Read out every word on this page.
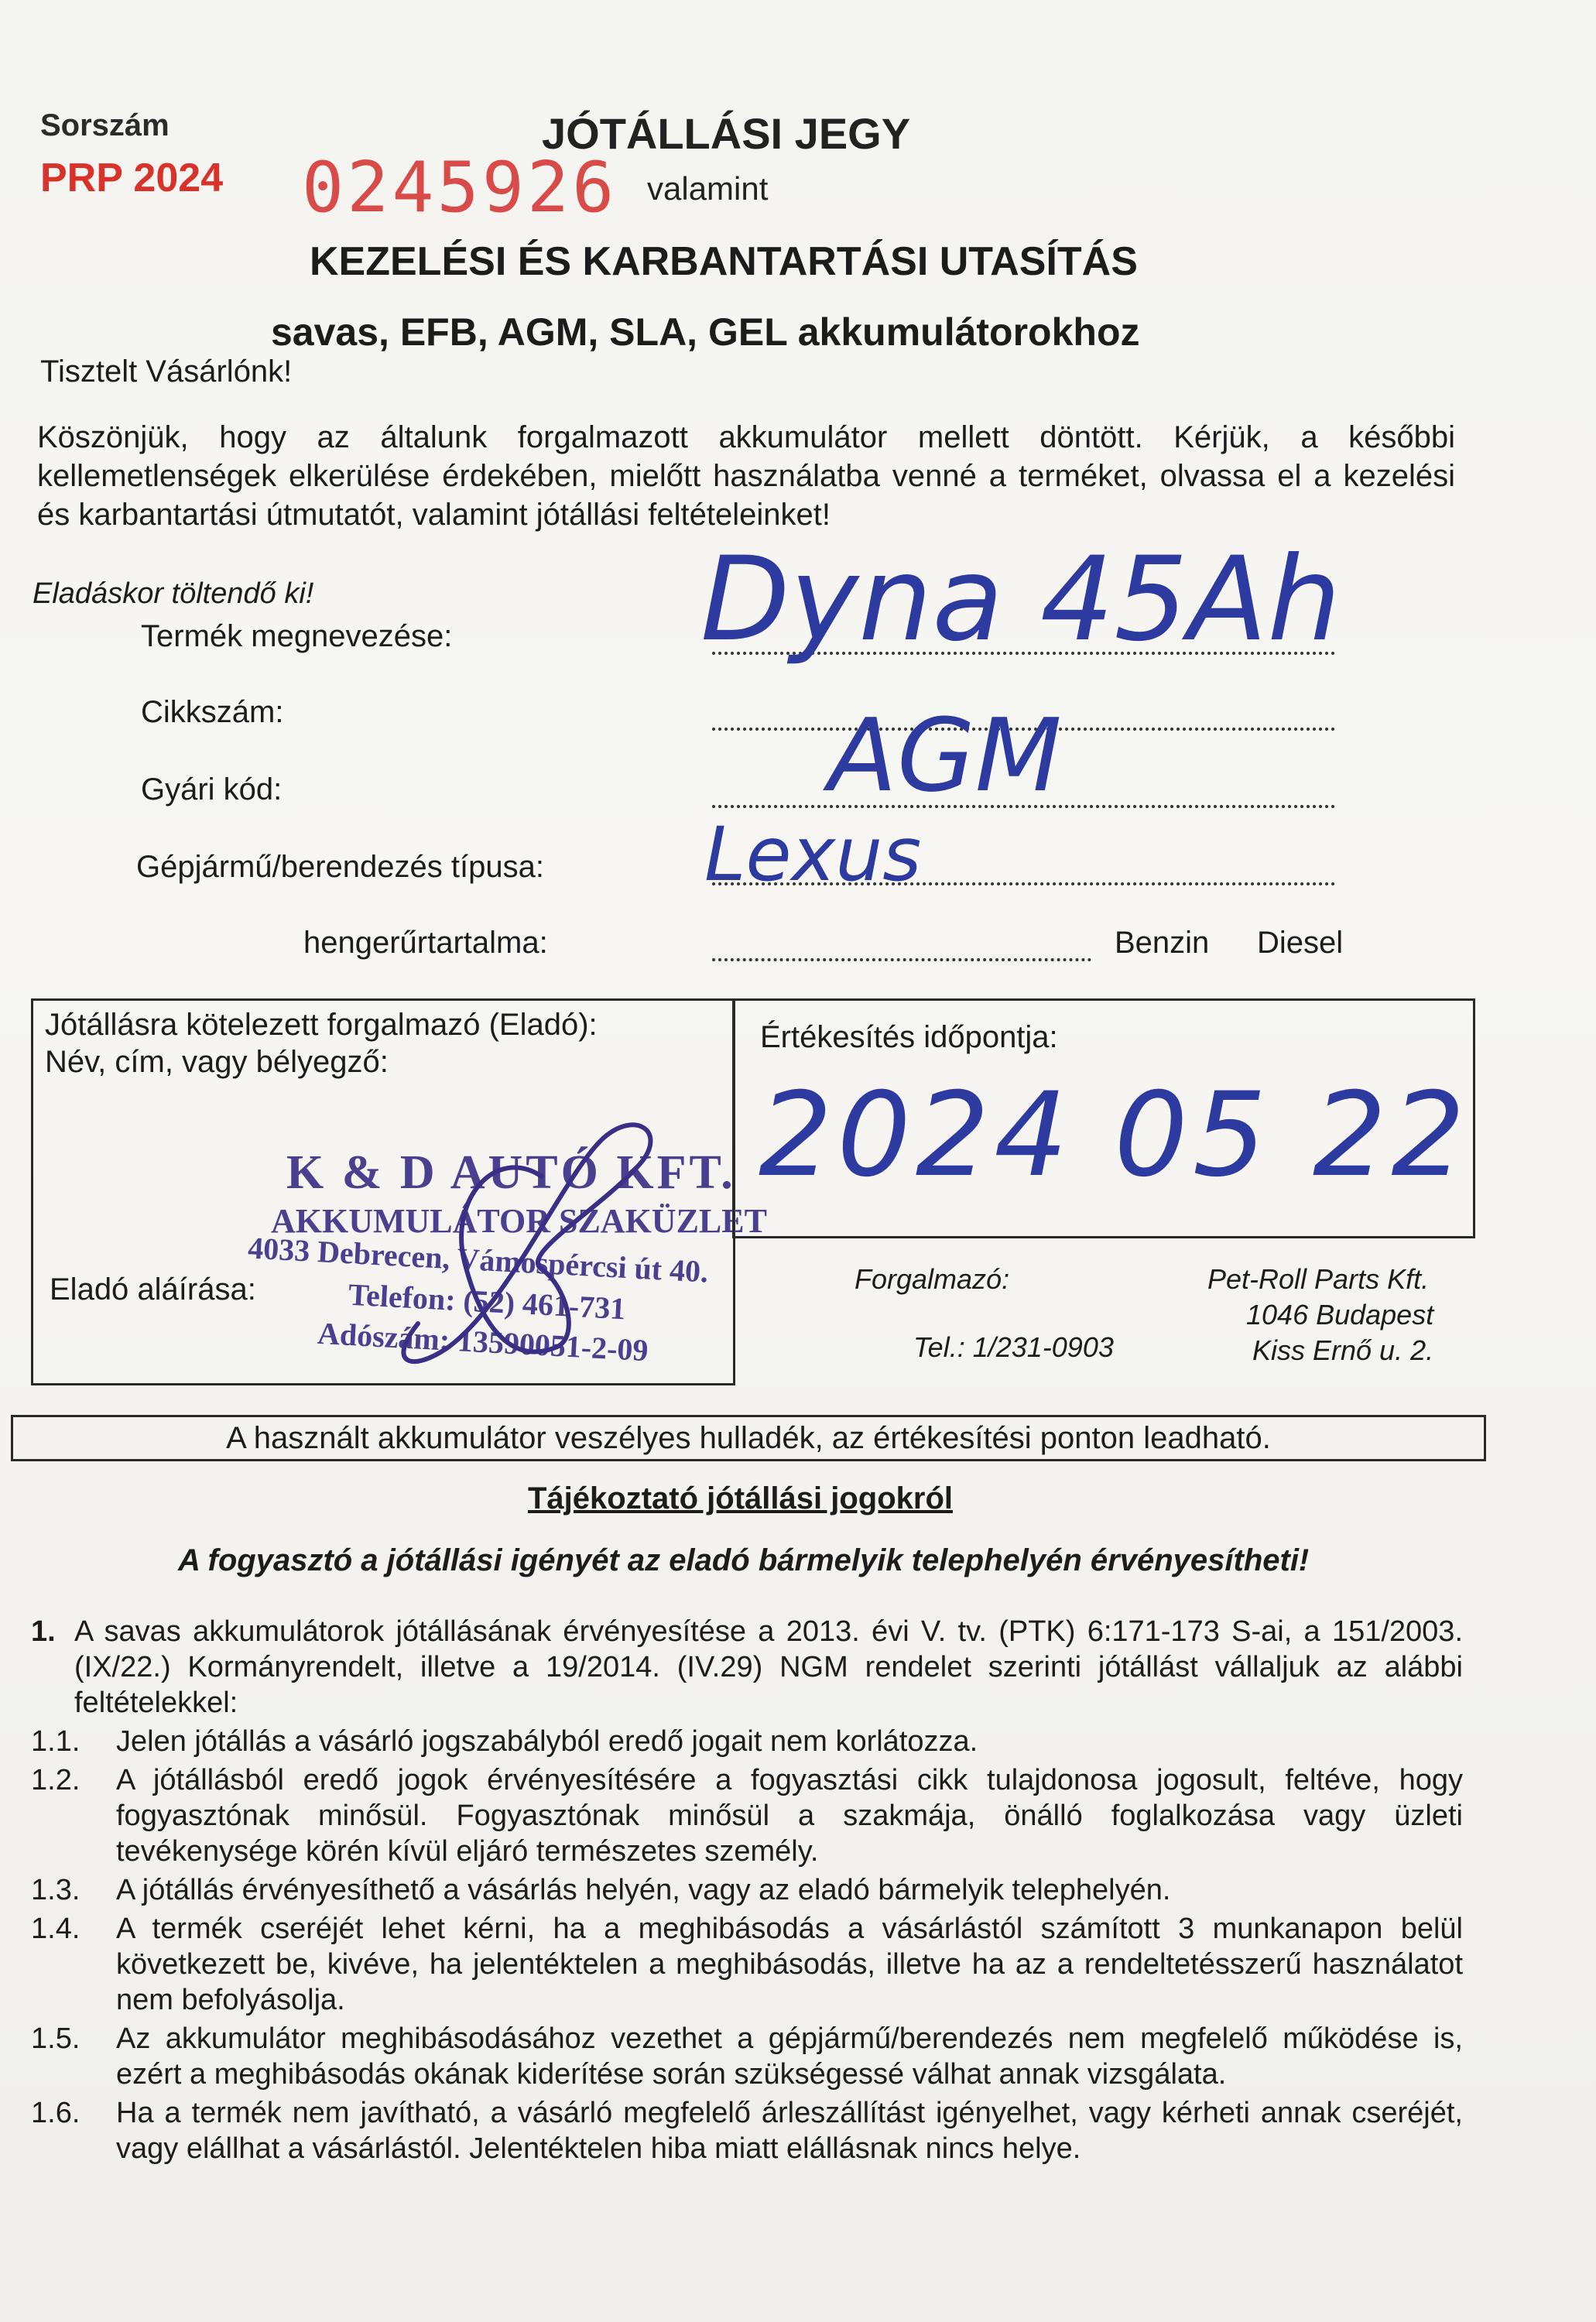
Sorszám
PRP 2024 0245926
JÓTÁLLÁSI JEGY
valamint
KEZELÉSI ÉS KARBANTARTÁSI UTASÍTÁS
savas, EFB, AGM, SLA, GEL akkumulátorokhoz
Tisztelt Vásárlónk!
Köszönjük, hogy az általunk forgalmazott akkumulátor mellett döntött. Kérjük, a későbbi kellemetlenségek elkerülése érdekében, mielőtt használatba venné a terméket, olvassa el a kezelési és karbantartási útmutatót, valamint jótállási feltételeinket!
Eladáskor töltendő ki!
Termék megnevezése: Dyna 45Ah
Cikkszám:	AGM
Gyári kód:
Gépjármű/berendezés típusa: Lexus
hengerűrtartalma:	Benzin Diesel
Jótállásra kötelezett forgalmazó (Eladó):
Név, cím, vagy bélyegző:
Eladó aláírása:
K & D AUTÓ KFT.
AKKUMULÁTOR SZAKÜZLET
4033 Debrecen, Vámospércsi út 40.
Telefon: (52) 461-731
Adószám: 13590051-2-09
Értékesítés időpontja:
2024 05 22
Forgalmazó:
Tel.: 1/231-0903
Pet-Roll Parts Kft.
1046 Budapest
Kiss Ernő u. 2.
A használt akkumulátor veszélyes hulladék, az értékesítési ponton leadható.
Tájékoztató jótállási jogokról
A fogyasztó a jótállási igényét az eladó bármelyik telephelyén érvényesítheti!
1. A savas akkumulátorok jótállásának érvényesítése a 2013. évi V. tv. (PTK) 6:171-173 S-ai, a 151/2003. (IX/22.) Kormányrendelt, illetve a 19/2014. (IV.29) NGM rendelet szerinti jótállást vállaljuk az alábbi feltételekkel:
1.1.	Jelen jótállás a vásárló jogszabályból eredő jogait nem korlátozza.
1.2.	A jótállásból eredő jogok érvényesítésére a fogyasztási cikk tulajdonosa jogosult, feltéve, hogy fogyasztónak minősül. Fogyasztónak minősül a szakmája, önálló foglalkozása vagy üzleti tevékenysége körén kívül eljáró természetes személy.
1.3.	A jótállás érvényesíthető a vásárlás helyén, vagy az eladó bármelyik telephelyén.
1.4.	A termék cseréjét lehet kérni, ha a meghibásodás a vásárlástól számított 3 munkanapon belül következett be, kivéve, ha jelentéktelen a meghibásodás, illetve ha az a rendeltetésszerű használatot nem befolyásolja.
1.5.	Az akkumulátor meghibásodásához vezethet a gépjármű/berendezés nem megfelelő működése is, ezért a meghibásodás okának kiderítése során szükségessé válhat annak vizsgálata.
1.6.	Ha a termék nem javítható, a vásárló megfelelő árleszállítást igényelhet, vagy kérheti annak cseréjét, vagy elállhat a vásárlástól. Jelentéktelen hiba miatt elállásnak nincs helye.
